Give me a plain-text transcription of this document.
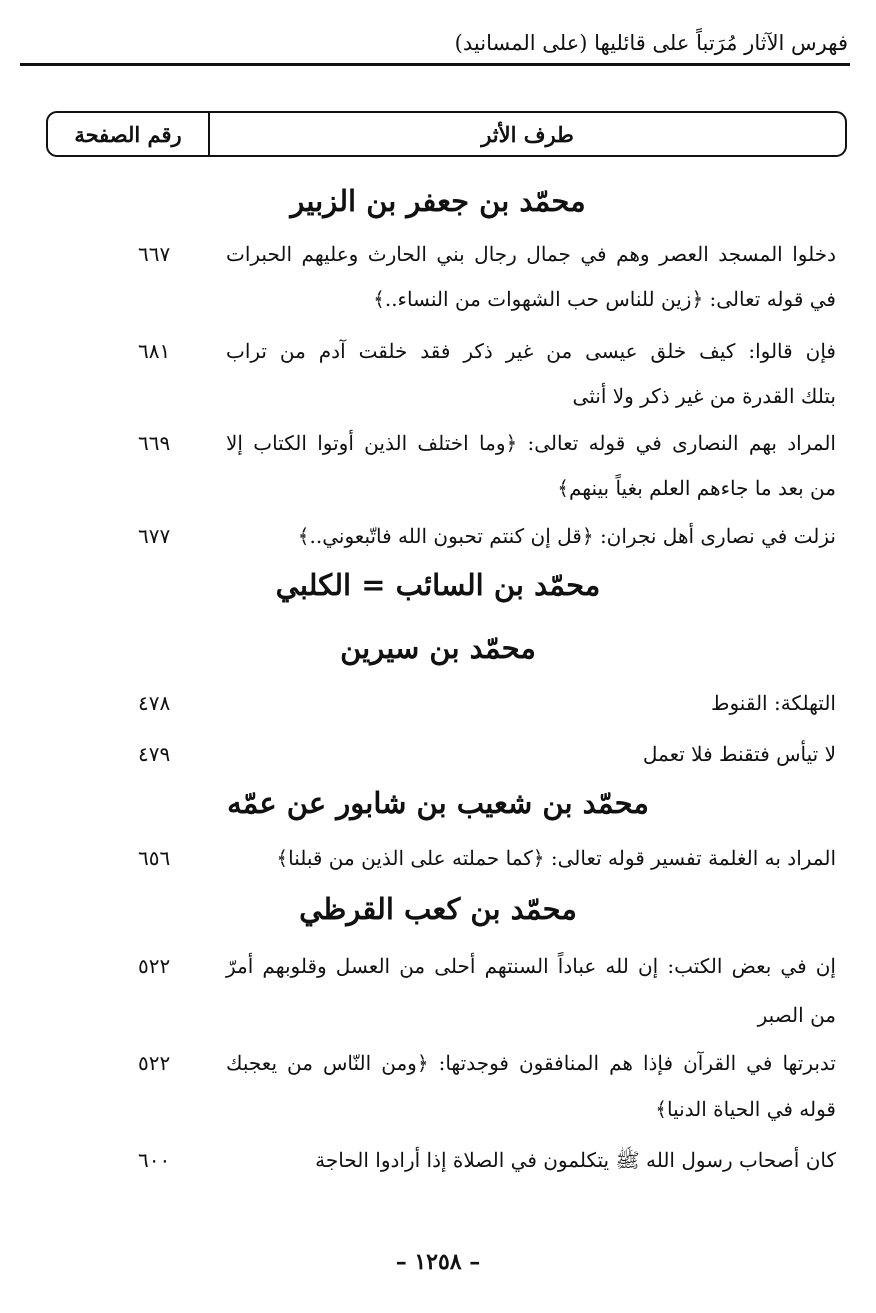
فهرس الآثار مُرَتباً على قائليها (على المسانيد)
طرف الأثر
رقم الصفحة
محمّد بن جعفر بن الزبير
دخلوا المسجد العصر وهم في جمال رجال بني الحارث وعليهم الحبرات
في قوله تعالى: ﴿زين للناس حب الشهوات من النساء..﴾
٦٦٧
فإن قالوا: كيف خلق عيسى من غير ذكر فقد خلقت آدم من تراب
بتلك القدرة من غير ذكر ولا أنثى
٦٨١
المراد بهم النصارى في قوله تعالى: ﴿وما اختلف الذين أوتوا الكتاب إلا
من بعد ما جاءهم العلم بغياً بينهم﴾
٦٦٩
نزلت في نصارى أهل نجران: ﴿قل إن كنتم تحبون الله فاتّبعوني..﴾
٦٧٧
محمّد بن السائب = الكلبي
محمّد بن سيرين
التهلكة: القنوط
٤٧٨
لا تيأس فتقنط فلا تعمل
٤٧٩
محمّد بن شعيب بن شابور عن عمّه
المراد به الغلمة تفسير قوله تعالى: ﴿كما حملته على الذين من قبلنا﴾
٦٥٦
محمّد بن كعب القرظي
إن في بعض الكتب: إن لله عباداً السنتهم أحلى من العسل وقلوبهم أمرّ
من الصبر
٥٢٢
تدبرتها في القرآن فإذا هم المنافقون فوجدتها: ﴿ومن النّاس من يعجبك
قوله في الحياة الدنيا﴾
٥٢٢
كان أصحاب رسول الله ﷺ يتكلمون في الصلاة إذا أرادوا الحاجة
٦٠٠
– ١٢٥٨ –
